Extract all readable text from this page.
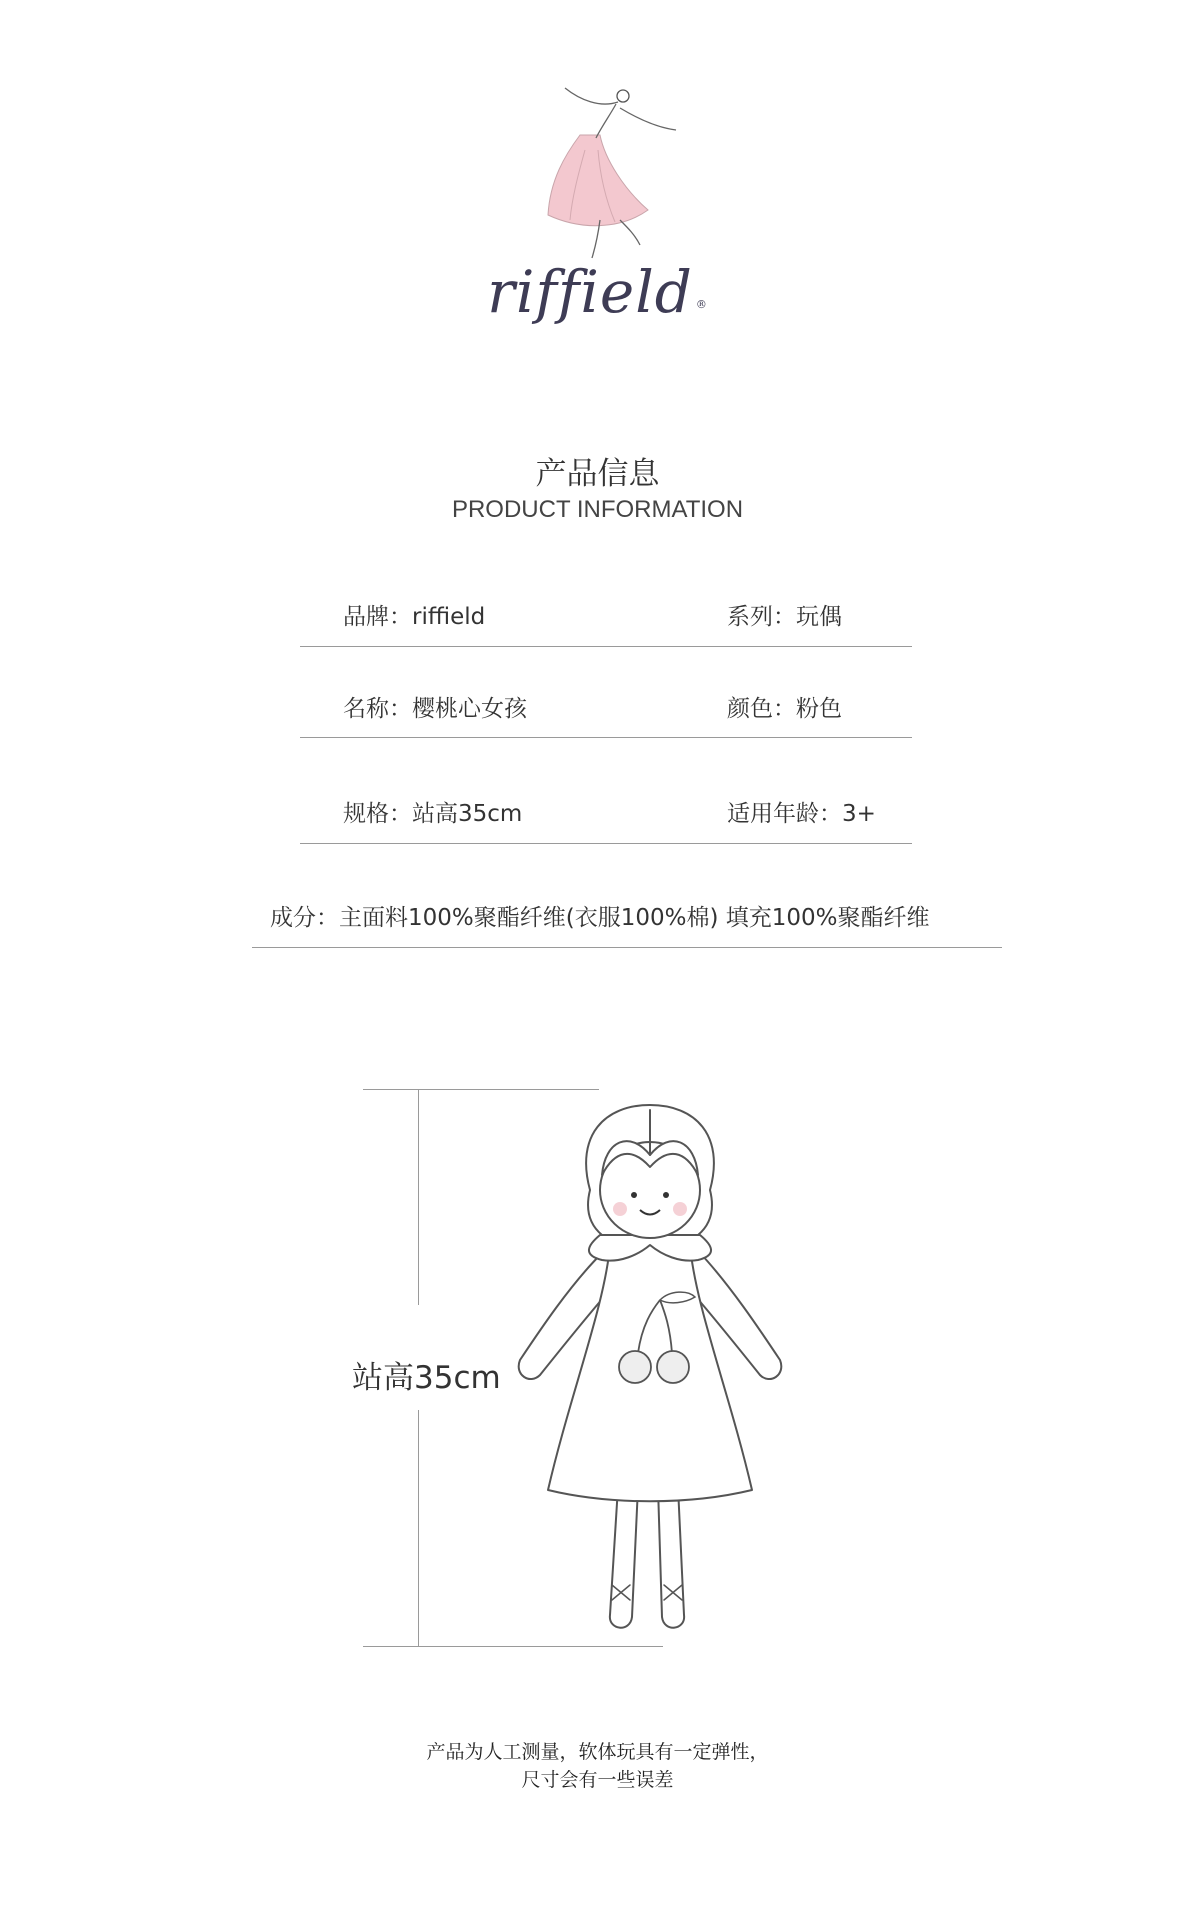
riffield ®
产品信息
PRODUCT INFORMATION
品牌：riffield	系列：玩偶
名称：樱桃心女孩	颜色：粉色
规格：站高35cm	适用年龄：3+
成分：主面料100%聚酯纤维(衣服100%棉) 填充100%聚酯纤维
站高35cm
产品为人工测量，软体玩具有一定弹性，
尺寸会有一些误差
